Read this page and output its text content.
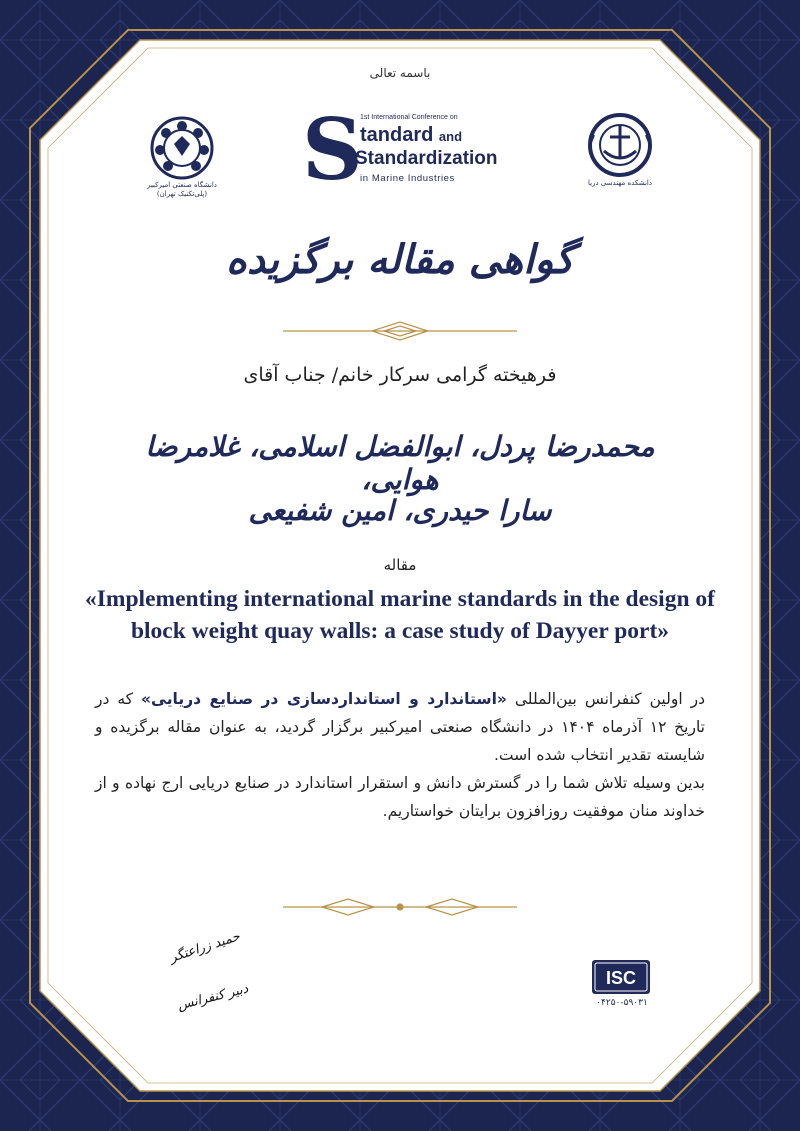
باسمه تعالی
دانشگاه صنعتی امیرکبیر
(پلی‌تکنیک تهران)
دانشکده مهندسی دریا
S
1st International Conference on
tandard and
Standardization
in Marine Industries
گواهی مقاله برگزیده
فرهیخته گرامی سرکار خانم/ جناب آقای
محمدرضا پردل، ابوالفضل اسلامی، غلامرضا هوایی،
سارا حیدری، امین شفیعی
مقاله
«Implementing international marine standards in the design of block weight quay walls: a case study of Dayyer port»
در اولین کنفرانس بین‌المللی «استاندارد و استانداردسازی در صنایع دریایی» که در تاریخ ۱۲ آذرماه ۱۴۰۴ در دانشگاه صنعتی امیرکبیر برگزار گردید، به عنوان مقاله برگزیده و شایسته تقدیر انتخاب شده است.
بدین وسیله تلاش شما را در گسترش دانش و استقرار استاندارد در صنایع دریایی ارج نهاده و از خداوند منان موفقیت روزافزون برایتان خواستاریم.
حمید زراعتگر
دبیر کنفرانس
ISC
۰۴۲۵۰-۵۹۰۳۱
